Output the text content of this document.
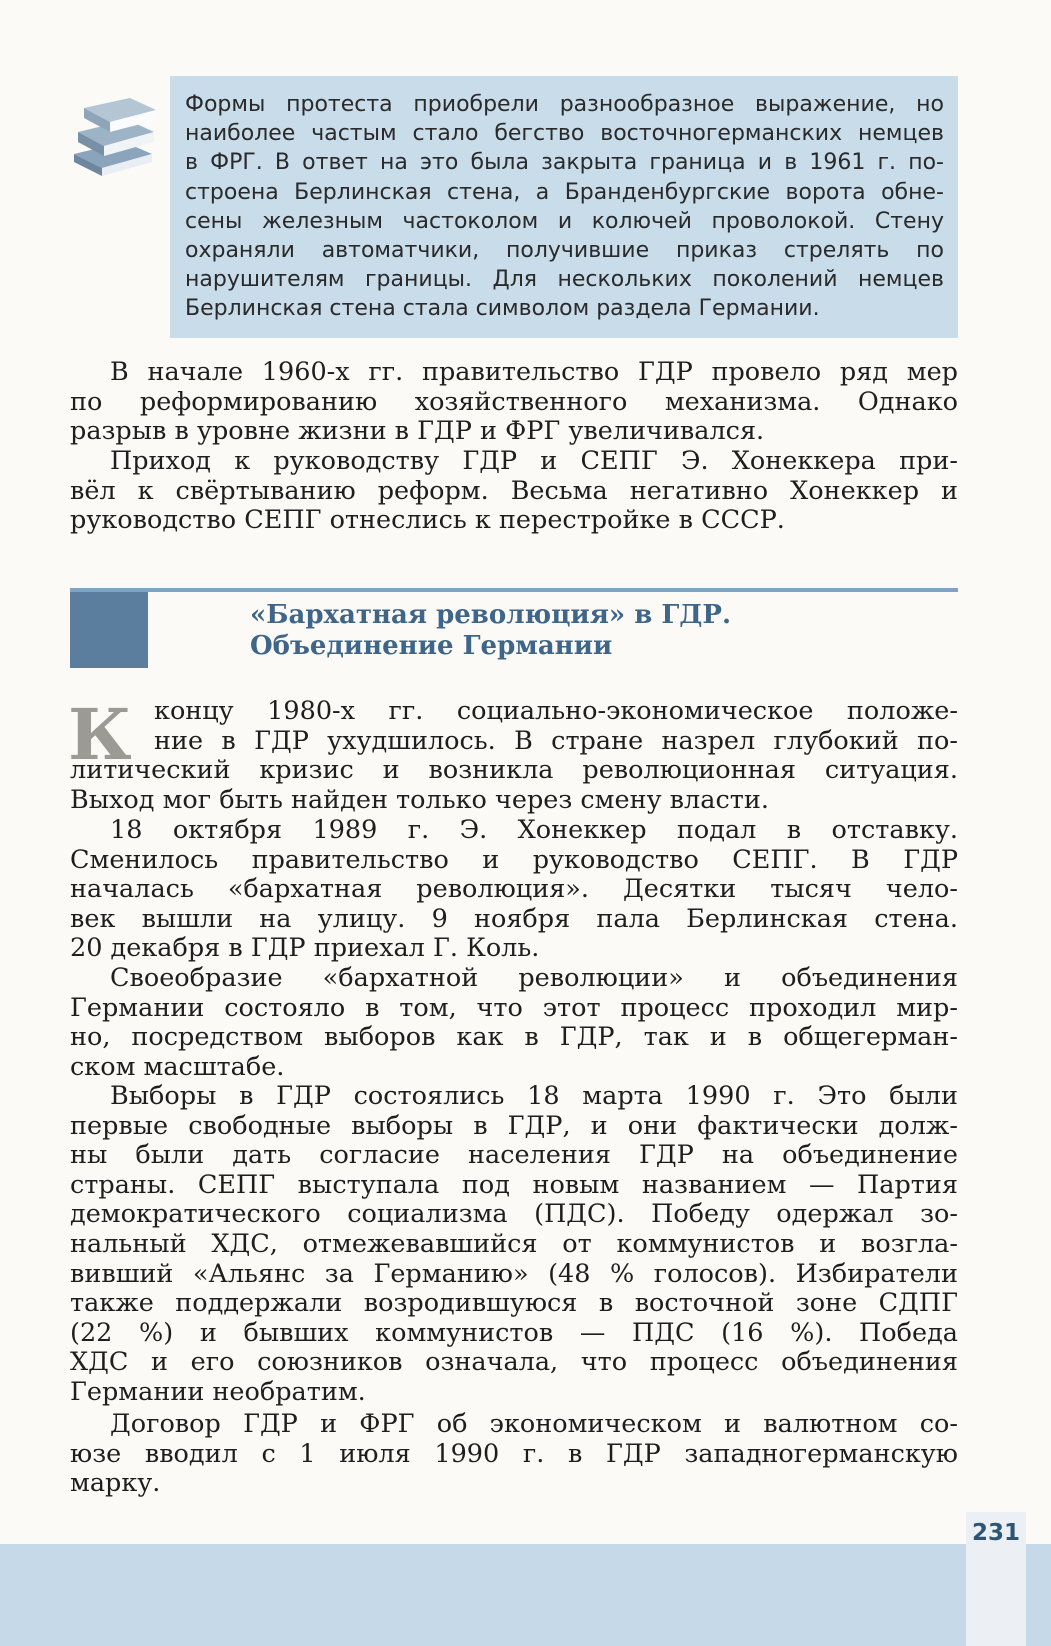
Формы протеста приобрели разнообразное выражение, но
наиболее частым стало бегство восточногерманских немцев
в ФРГ. В ответ на это была закрыта граница и в 1961 г. по-
строена Берлинская стена, а Бранденбургские ворота обне-
сены железным частоколом и колючей проволокой. Стену
охраняли автоматчики, получившие приказ стрелять по
нарушителям границы. Для нескольких поколений немцев
Берлинская стена стала символом раздела Германии.
В начале 1960-х гг. правительство ГДР провело ряд мер
по реформированию хозяйственного механизма. Однако
разрыв в уровне жизни в ГДР и ФРГ увеличивался.
Приход к руководству ГДР и СЕПГ Э. Хонеккера при-
вёл к свёртыванию реформ. Весьма негативно Хонеккер и
руководство СЕПГ отнеслись к перестройке в СССР.
«Бархатная революция» в ГДР.
Объединение Германии
К концу 1980-х гг. социально-экономическое положе-
ние в ГДР ухудшилось. В стране назрел глубокий по-
литический кризис и возникла революционная ситуация.
Выход мог быть найден только через смену власти.
18 октября 1989 г. Э. Хонеккер подал в отставку.
Сменилось правительство и руководство СЕПГ. В ГДР
началась «бархатная революция». Десятки тысяч чело-
век вышли на улицу. 9 ноября пала Берлинская стена.
20 декабря в ГДР приехал Г. Коль.
Своеобразие «бархатной революции» и объединения
Германии состояло в том, что этот процесс проходил мир-
но, посредством выборов как в ГДР, так и в общегерман-
ском масштабе.
Выборы в ГДР состоялись 18 марта 1990 г. Это были
первые свободные выборы в ГДР, и они фактически долж-
ны были дать согласие населения ГДР на объединение
страны. СЕПГ выступала под новым названием — Партия
демократического социализма (ПДС). Победу одержал зо-
нальный ХДС, отмежевавшийся от коммунистов и возгла-
вивший «Альянс за Германию» (48 % голосов). Избиратели
также поддержали возродившуюся в восточной зоне СДПГ
(22 %) и бывших коммунистов — ПДС (16 %). Победа
ХДС и его союзников означала, что процесс объединения
Германии необратим.
Договор ГДР и ФРГ об экономическом и валютном со-
юзе вводил с 1 июля 1990 г. в ГДР западногерманскую
марку.
231
